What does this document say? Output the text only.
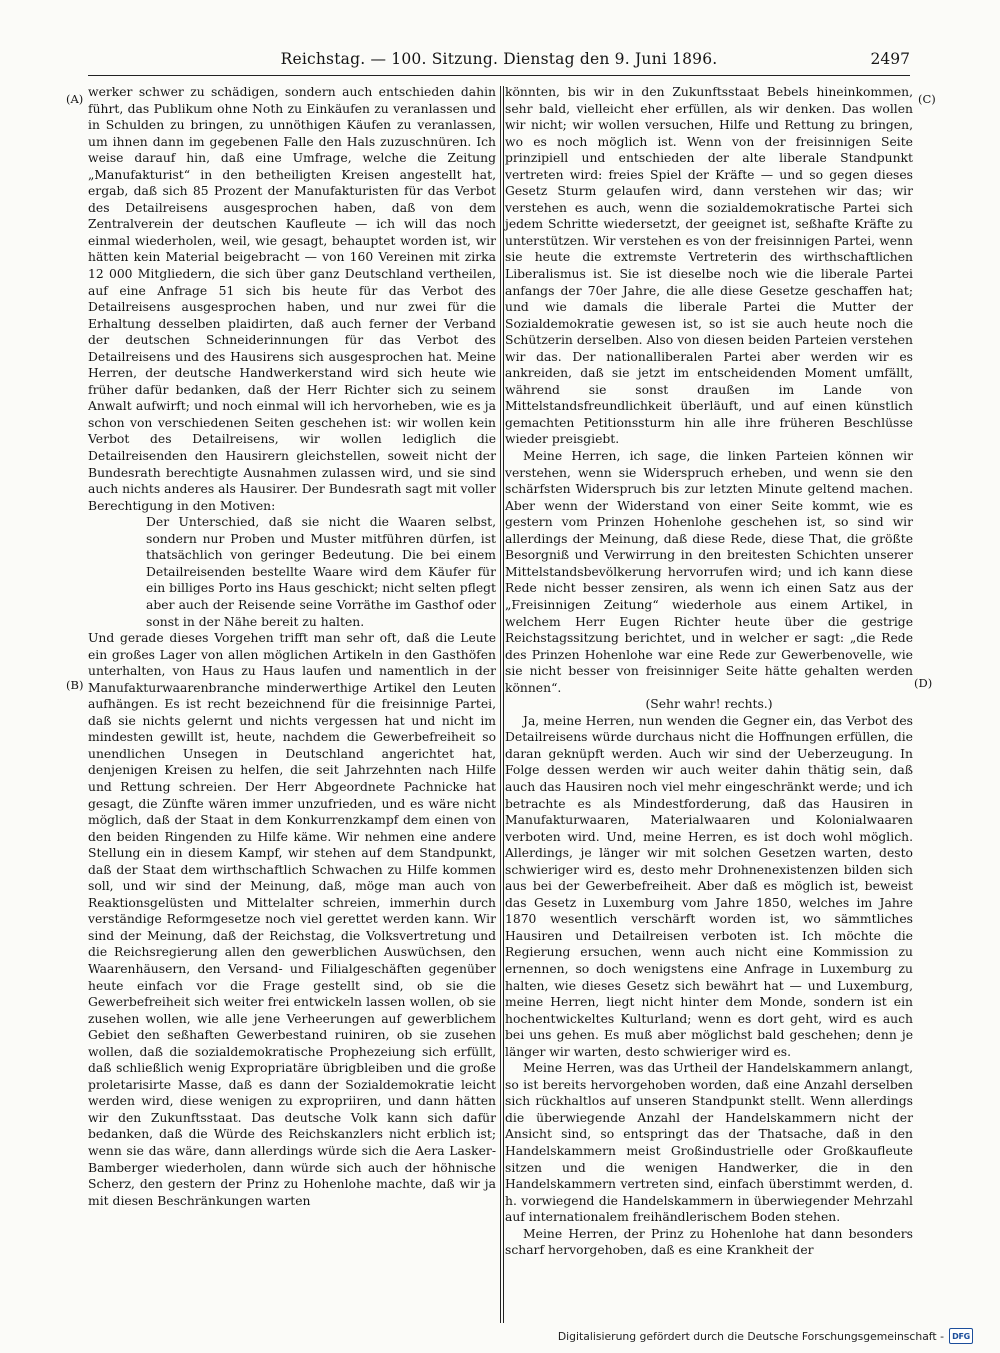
Reichstag. — 100. Sitzung. Dienstag den 9. Juni 1896.	2497
(A)
(B)
(C)
(D)

werker schwer zu schädigen, sondern auch entschieden dahin führt, das Publikum ohne Noth zu Einkäufen zu veranlassen und in Schulden zu bringen, zu unnöthigen Käufen zu veranlassen, um ihnen dann im gegebenen Falle den Hals zuzuschnüren. Ich weise darauf hin, daß eine Umfrage, welche die Zeitung „Manufakturist“ in den betheiligten Kreisen angestellt hat, ergab, daß sich 85 Prozent der Manufakturisten für das Verbot des Detailreisens ausgesprochen haben, daß von dem Zentralverein der deutschen Kaufleute — ich will das noch einmal wiederholen, weil, wie gesagt, behauptet worden ist, wir hätten kein Material beigebracht — von 160 Vereinen mit zirka 12 000 Mitgliedern, die sich über ganz Deutschland vertheilen, auf eine Anfrage 51 sich bis heute für das Verbot des Detailreisens ausgesprochen haben, und nur zwei für die Erhaltung desselben plaidirten, daß auch ferner der Verband der deutschen Schneiderinnungen für das Verbot des Detailreisens und des Hausirens sich ausgesprochen hat. Meine Herren, der deutsche Handwerkerstand wird sich heute wie früher dafür bedanken, daß der Herr Richter sich zu seinem Anwalt aufwirft; und noch einmal will ich hervorheben, wie es ja schon von verschiedenen Seiten geschehen ist: wir wollen kein Verbot des Detailreisens, wir wollen lediglich die Detailreisenden den Hausirern gleichstellen, soweit nicht der Bundesrath berechtigte Ausnahmen zulassen wird, und sie sind auch nichts anderes als Hausirer. Der Bundesrath sagt mit voller Berechtigung in den Motiven:

Der Unterschied, daß sie nicht die Waaren selbst, sondern nur Proben und Muster mitführen dürfen, ist thatsächlich von geringer Bedeutung. Die bei einem Detailreisenden bestellte Waare wird dem Käufer für ein billiges Porto ins Haus geschickt; nicht selten pflegt aber auch der Reisende seine Vorräthe im Gasthof oder sonst in der Nähe bereit zu halten.

Und gerade dieses Vorgehen trifft man sehr oft, daß die Leute ein großes Lager von allen möglichen Artikeln in den Gasthöfen unterhalten, von Haus zu Haus laufen und namentlich in der Manufakturwaarenbranche minderwerthige Artikel den Leuten aufhängen. Es ist recht bezeichnend für die freisinnige Partei, daß sie nichts gelernt und nichts vergessen hat und nicht im mindesten gewillt ist, heute, nachdem die Gewerbefreiheit so unendlichen Unsegen in Deutschland angerichtet hat, denjenigen Kreisen zu helfen, die seit Jahrzehnten nach Hilfe und Rettung schreien. Der Herr Abgeordnete Pachnicke hat gesagt, die Zünfte wären immer unzufrieden, und es wäre nicht möglich, daß der Staat in dem Konkurrenzkampf dem einen von den beiden Ringenden zu Hilfe käme. Wir nehmen eine andere Stellung ein in diesem Kampf, wir stehen auf dem Standpunkt, daß der Staat dem wirthschaftlich Schwachen zu Hilfe kommen soll, und wir sind der Meinung, daß, möge man auch von Reaktionsgelüsten und Mittelalter schreien, immerhin durch verständige Reformgesetze noch viel gerettet werden kann. Wir sind der Meinung, daß der Reichstag, die Volksvertretung und die Reichsregierung allen den gewerblichen Auswüchsen, den Waarenhäusern, den Versand- und Filialgeschäften gegenüber heute einfach vor die Frage gestellt sind, ob sie die Gewerbefreiheit sich weiter frei entwickeln lassen wollen, ob sie zusehen wollen, wie alle jene Verheerungen auf gewerblichem Gebiet den seßhaften Gewerbestand ruiniren, ob sie zusehen wollen, daß die sozialdemokratische Prophezeiung sich erfüllt, daß schließlich wenig Expropriatäre übrigbleiben und die große proletarisirte Masse, daß es dann der Sozialdemokratie leicht werden wird, diese wenigen zu expropriiren, und dann hätten wir den Zukunftsstaat. Das deutsche Volk kann sich dafür bedanken, daß die Würde des Reichskanzlers nicht erblich ist; wenn sie das wäre, dann allerdings würde sich die Aera Lasker-Bamberger wiederholen, dann würde sich auch der höhnische Scherz, den gestern der Prinz zu Hohenlohe machte, daß wir ja mit diesen Beschränkungen warten

könnten, bis wir in den Zukunftsstaat Bebels hineinkommen, sehr bald, vielleicht eher erfüllen, als wir denken. Das wollen wir nicht; wir wollen versuchen, Hilfe und Rettung zu bringen, wo es noch möglich ist. Wenn von der freisinnigen Seite prinzipiell und entschieden der alte liberale Standpunkt vertreten wird: freies Spiel der Kräfte — und so gegen dieses Gesetz Sturm gelaufen wird, dann verstehen wir das; wir verstehen es auch, wenn die sozialdemokratische Partei sich jedem Schritte wiedersetzt, der geeignet ist, seßhafte Kräfte zu unterstützen. Wir verstehen es von der freisinnigen Partei, wenn sie heute die extremste Vertreterin des wirthschaftlichen Liberalismus ist. Sie ist dieselbe noch wie die liberale Partei anfangs der 70er Jahre, die alle diese Gesetze geschaffen hat; und wie damals die liberale Partei die Mutter der Sozialdemokratie gewesen ist, so ist sie auch heute noch die Schützerin derselben. Also von diesen beiden Parteien verstehen wir das. Der nationalliberalen Partei aber werden wir es ankreiden, daß sie jetzt im entscheidenden Moment umfällt, während sie sonst draußen im Lande von Mittelstandsfreundlichkeit überläuft, und auf einen künstlich gemachten Petitionssturm hin alle ihre früheren Beschlüsse wieder preisgiebt.

Meine Herren, ich sage, die linken Parteien können wir verstehen, wenn sie Widerspruch erheben, und wenn sie den schärfsten Widerspruch bis zur letzten Minute geltend machen. Aber wenn der Widerstand von einer Seite kommt, wie es gestern vom Prinzen Hohenlohe geschehen ist, so sind wir allerdings der Meinung, daß diese Rede, diese That, die größte Besorgniß und Verwirrung in den breitesten Schichten unserer Mittelstandsbevölkerung hervorrufen wird; und ich kann diese Rede nicht besser zensiren, als wenn ich einen Satz aus der „Freisinnigen Zeitung“ wiederhole aus einem Artikel, in welchem Herr Eugen Richter heute über die gestrige Reichstagssitzung berichtet, und in welcher er sagt: „die Rede des Prinzen Hohenlohe war eine Rede zur Gewerbenovelle, wie sie nicht besser von freisinniger Seite hätte gehalten werden können“.

(Sehr wahr! rechts.)

Ja, meine Herren, nun wenden die Gegner ein, das Verbot des Detailreisens würde durchaus nicht die Hoffnungen erfüllen, die daran geknüpft werden. Auch wir sind der Ueberzeugung. In Folge dessen werden wir auch weiter dahin thätig sein, daß auch das Hausiren noch viel mehr eingeschränkt werde; und ich betrachte es als Mindestforderung, daß das Hausiren in Manufakturwaaren, Materialwaaren und Kolonialwaaren verboten wird. Und, meine Herren, es ist doch wohl möglich. Allerdings, je länger wir mit solchen Gesetzen warten, desto schwieriger wird es, desto mehr Drohnenexistenzen bilden sich aus bei der Gewerbefreiheit. Aber daß es möglich ist, beweist das Gesetz in Luxemburg vom Jahre 1850, welches im Jahre 1870 wesentlich verschärft worden ist, wo sämmtliches Hausiren und Detailreisen verboten ist. Ich möchte die Regierung ersuchen, wenn auch nicht eine Kommission zu ernennen, so doch wenigstens eine Anfrage in Luxemburg zu halten, wie dieses Gesetz sich bewährt hat — und Luxemburg, meine Herren, liegt nicht hinter dem Monde, sondern ist ein hochentwickeltes Kulturland; wenn es dort geht, wird es auch bei uns gehen. Es muß aber möglichst bald geschehen; denn je länger wir warten, desto schwieriger wird es.

Meine Herren, was das Urtheil der Handelskammern anlangt, so ist bereits hervorgehoben worden, daß eine Anzahl derselben sich rückhaltlos auf unseren Standpunkt stellt. Wenn allerdings die überwiegende Anzahl der Handelskammern nicht der Ansicht sind, so entspringt das der Thatsache, daß in den Handelskammern meist Großindustrielle oder Großkaufleute sitzen und die wenigen Handwerker, die in den Handelskammern vertreten sind, einfach überstimmt werden, d. h. vorwiegend die Handelskammern in überwiegender Mehrzahl auf internationalem freihändlerischem Boden stehen.

Meine Herren, der Prinz zu Hohenlohe hat dann besonders scharf hervorgehoben, daß es eine Krankheit der

Digitalisierung gefördert durch die Deutsche Forschungsgemeinschaft -	DFG
